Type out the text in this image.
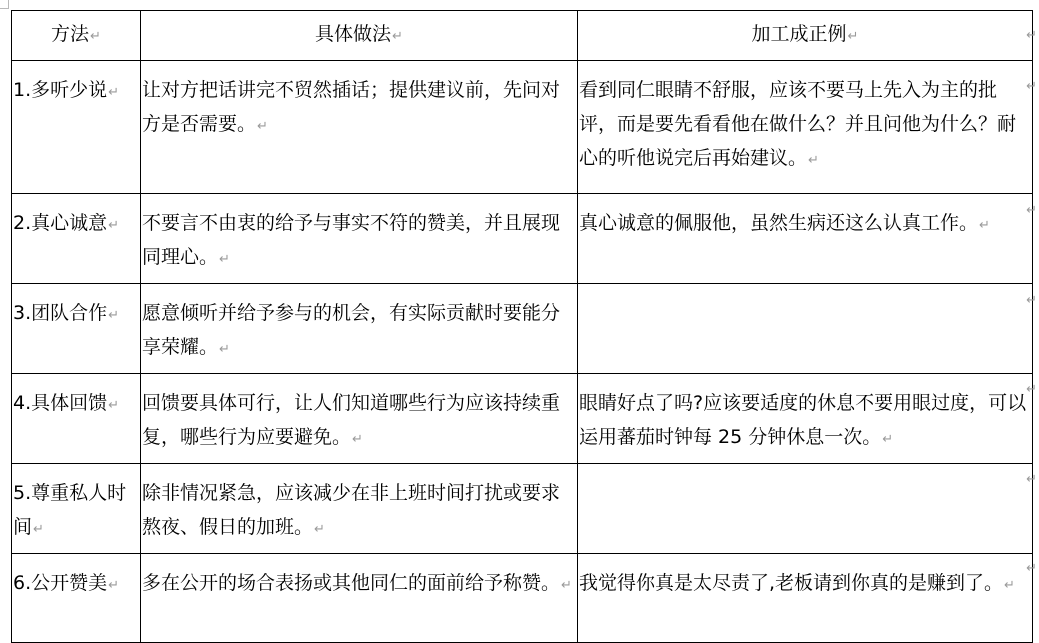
方法↵	具体做法↵	加工成正例↵
1.多听少说↵	让对方把话讲完不贸然插话；提供建议前，先问对方是否需要。↵	看到同仁眼睛不舒服，应该不要马上先入为主的批评，而是要先看看他在做什么？并且问他为什么？耐心的听他说完后再始建议。↵
2.真心诚意↵	不要言不由衷的给予与事实不符的赞美，并且展现同理心。↵	真心诚意的佩服他，虽然生病还这么认真工作。↵
3.团队合作↵	愿意倾听并给予参与的机会，有实际贡献时要能分享荣耀。↵	
4.具体回馈↵	回馈要具体可行，让人们知道哪些行为应该持续重复，哪些行为应要避免。↵	眼睛好点了吗?应该要适度的休息不要用眼过度，可以运用蕃茄时钟每 25 分钟休息一次。↵
5.尊重私人时间↵	除非情况紧急，应该减少在非上班时间打扰或要求熬夜、假日的加班。↵	
6.公开赞美↵	多在公开的场合表扬或其他同仁的面前给予称赞。↵	我觉得你真是太尽责了,老板请到你真的是赚到了。↵
↵
↵
↵
↵
↵
↵
↵
